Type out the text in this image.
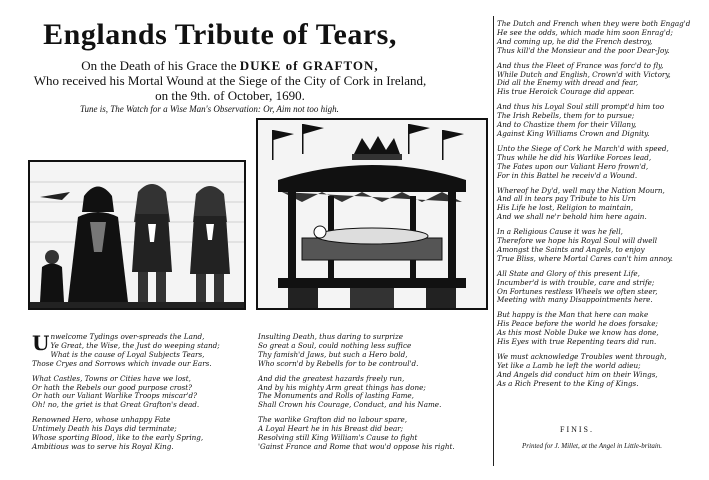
Englands Tribute of Tears,
On the Death of his Grace the DUKE of GRAFTON,
Who received his Mortal Wound at the Siege of the City of Cork in Ireland,
on the 9th. of October, 1690.
Tune is, The Watch for a Wise Man's Observation: Or, Aim not too high.
U nwelcome Tydings over-spreads the Land,
Ye Great, the Wise, the Just do weeping stand;
What is the cause of Loyal Subjects Tears,
Those Cryes and Sorrows which invade our Ears.
What Castles, Towns or Cities have we lost,
Or hath the Rebels our good purpose crost?
Or hath our Valiant Warlike Troops miscar'd?
Oh! no, the griet is that Great Grafton's dead.
Renowned Hero, whose unhappy Fate
Untimely Death his Days did terminate;
Whose sporting Blood, like to the early Spring,
Ambitious was to serve his Royal King.
Insulting Death, thus daring to surprize
So great a Soul, could nothing less suffice
Thy famish'd Jaws, but such a Hero bold,
Who scorn'd by Rebells for to be controul'd.
And did the greatest hazards freely run,
And by his mighty Arm great things has done;
The Monuments and Rolls of lasting Fame,
Shall Crown his Courage, Conduct, and his Name.
The warlike Grafton did no labour spare,
A Loyal Heart he in his Breast did bear;
Resolving still King William's Cause to fight
'Gainst France and Rome that wou'd oppose his right.
The Dutch and French when they were both Engag'd
He see the odds, which made him soon Enrag'd;
And coming up, he did the French destroy,
Thus kill'd the Monsieur and the poor Dear-Joy.
And thus the Fleet of France was forc'd to fly,
While Dutch and English, Crown'd with Victory,
Did all the Enemy with dread and fear,
His true Heroick Courage did appear.
And thus his Loyal Soul still prompt'd him too
The Irish Rebells, them for to pursue;
And to Chastize them for their Villany,
Against King Williams Crown and Dignity.
Unto the Siege of Cork he March'd with speed,
Thus while he did his Warlike Forces lead,
The Fates upon our Valiant Hero frown'd,
For in this Battel he receiv'd a Wound.
Whereof he Dy'd, well may the Nation Mourn,
And all in tears pay Tribute to his Urn
His Life he lost, Religion to maintain,
And we shall ne'r behold him here again.
In a Religious Cause it was he fell,
Therefore we hope his Royal Soul will dwell
Amongst the Saints and Angels, to enjoy
True Bliss, where Mortal Cares can't him annoy.
All State and Glory of this present Life,
Incumber'd is with trouble, care and strife;
On Fortunes restless Wheels we often steer,
Meeting with many Disappointments here.
But happy is the Man that here can make
His Peace before the world he does forsake;
As this most Noble Duke we know has done,
His Eyes with true Repenting tears did run.
We must acknowledge Troubles went through,
Yet like a Lamb he left the world adieu;
And Angels did conduct him on their Wings,
As a Rich Present to the King of Kings.
FINIS.
Printed for J. Millet, at the Angel in Little-britain.
